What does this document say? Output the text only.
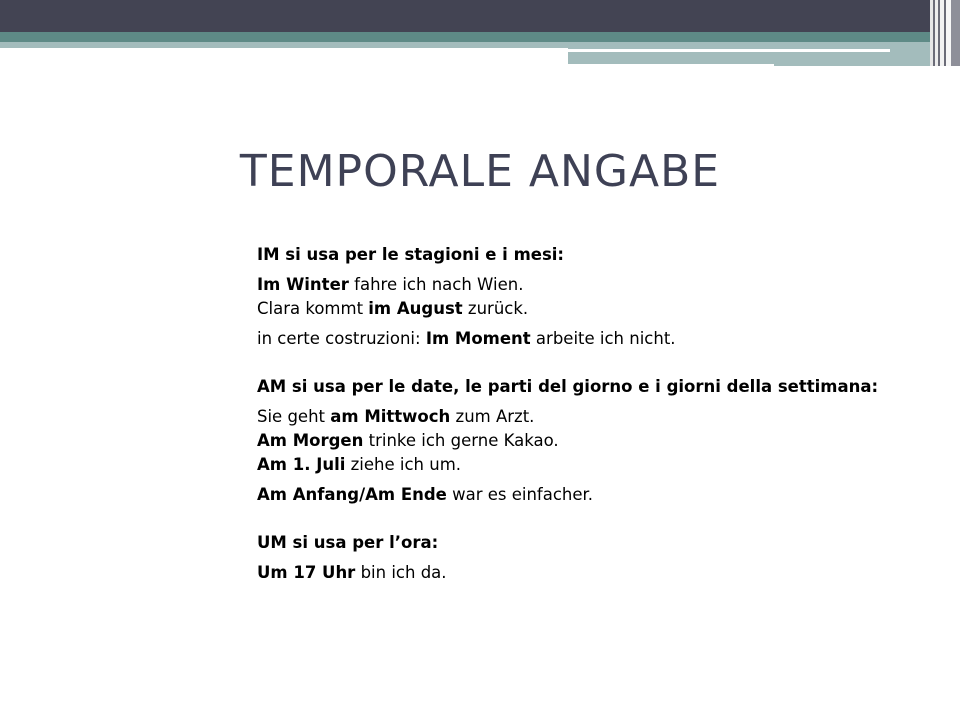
TEMPORALE ANGABE

IM si usa per le stagioni e i mesi:

Im Winter fahre ich nach Wien.

Clara kommt im August zurück.

in certe costruzioni: Im Moment arbeite ich nicht.

AM si usa per le date, le parti del giorno e i giorni della settimana:

Sie geht am Mittwoch zum Arzt.

Am Morgen trinke ich gerne Kakao.

Am 1. Juli ziehe ich um.

Am Anfang/Am Ende war es einfacher.

UM si usa per l’ora:

Um 17 Uhr bin ich da.
